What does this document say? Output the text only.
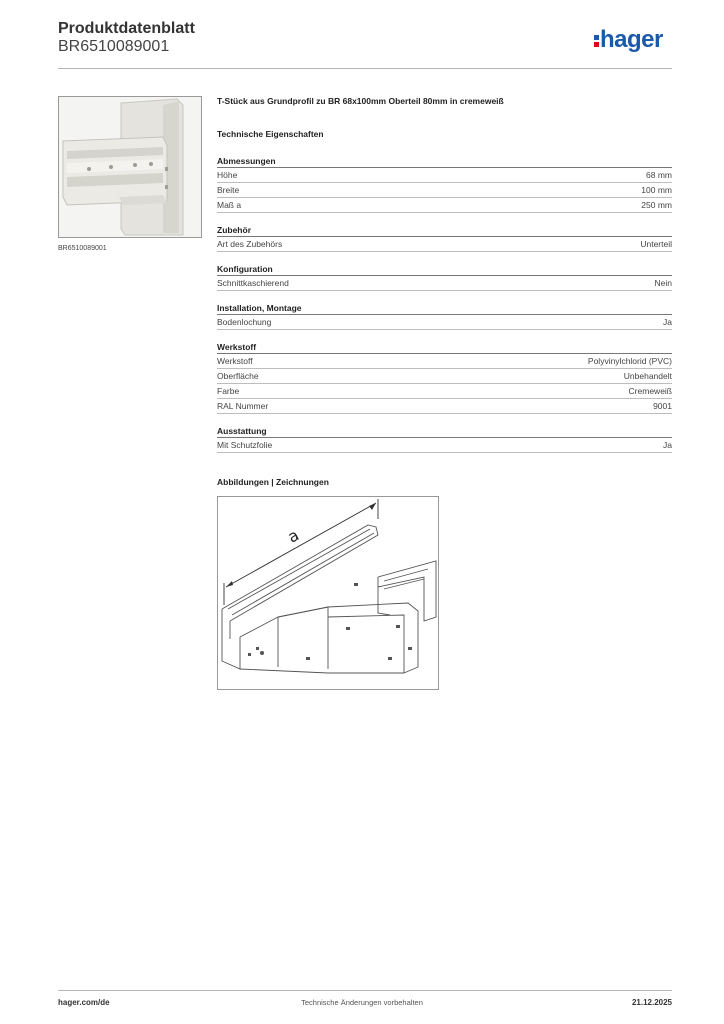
Produktdatenblatt
BR6510089001	hager
BR6510089001
T-Stück aus Grundprofil zu BR 68x100mm Oberteil 80mm in cremeweiß
Technische Eigenschaften
Abmessungen
Höhe	68 mm
Breite	100 mm
Maß a	250 mm
Zubehör
Art des Zubehörs	Unterteil
Konfiguration
Schnittkaschierend	Nein
Installation, Montage
Bodenlochung	Ja
Werkstoff
Werkstoff	Polyvinylchlorid (PVC)
Oberfläche	Unbehandelt
Farbe	Cremeweiß
RAL Nummer	9001
Ausstattung
Mit Schutzfolie	Ja
Abbildungen | Zeichnungen
a
hager.com/de	Technische Änderungen vorbehalten	21.12.2025
